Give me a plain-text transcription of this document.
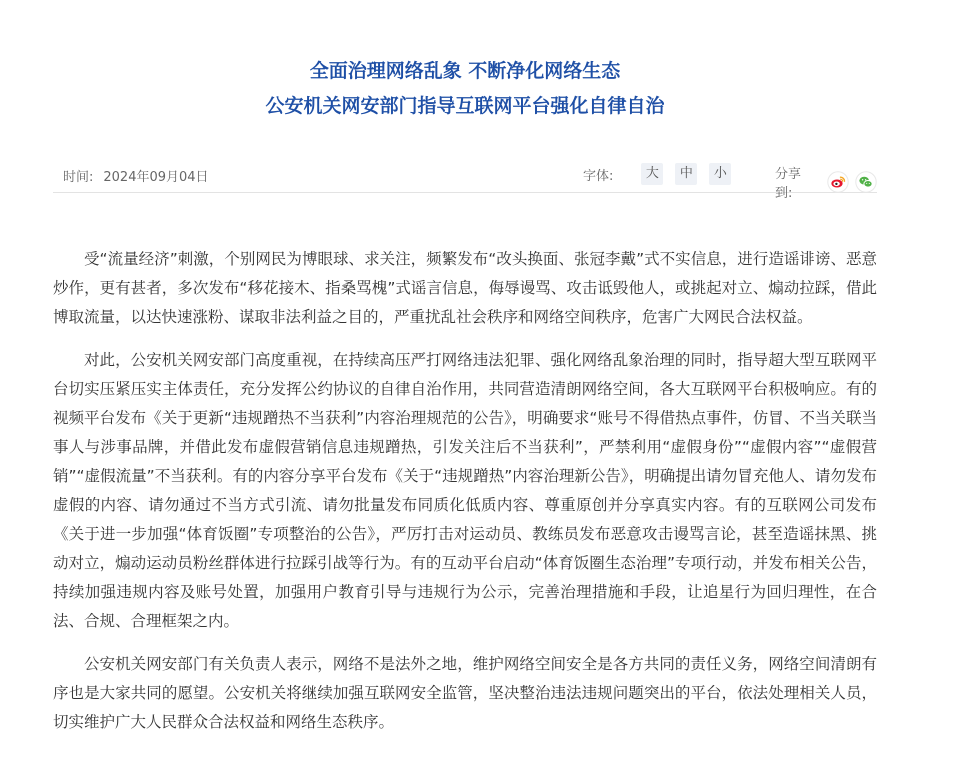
全面治理网络乱象 不断净化网络生态
公安机关网安部门指导互联网平台强化自律自治
时间: 2024年09月04日	字体:	大	中	小	分享到:

受“流量经济”刺激，个别网民为博眼球、求关注，频繁发布“改头换面、张冠李戴”式不实信息，进行造谣诽谤、恶意炒作，更有甚者，多次发布“移花接木、指桑骂槐”式谣言信息，侮辱谩骂、攻击诋毁他人，或挑起对立、煽动拉踩，借此博取流量，以达快速涨粉、谋取非法利益之目的，严重扰乱社会秩序和网络空间秩序，危害广大网民合法权益。

对此，公安机关网安部门高度重视，在持续高压严打网络违法犯罪、强化网络乱象治理的同时，指导超大型互联网平台切实压紧压实主体责任，充分发挥公约协议的自律自治作用，共同营造清朗网络空间，各大互联网平台积极响应。有的视频平台发布《关于更新“违规蹭热不当获利”内容治理规范的公告》，明确要求“账号不得借热点事件，仿冒、不当关联当事人与涉事品牌，并借此发布虚假营销信息违规蹭热，引发关注后不当获利”，严禁利用“虚假身份”“虚假内容”“虚假营销”“虚假流量”不当获利。有的内容分享平台发布《关于“违规蹭热”内容治理新公告》，明确提出请勿冒充他人、请勿发布虚假的内容、请勿通过不当方式引流、请勿批量发布同质化低质内容、尊重原创并分享真实内容。有的互联网公司发布《关于进一步加强“体育饭圈”专项整治的公告》，严厉打击对运动员、教练员发布恶意攻击谩骂言论，甚至造谣抹黑、挑动对立，煽动运动员粉丝群体进行拉踩引战等行为。有的互动平台启动“体育饭圈生态治理”专项行动，并发布相关公告，持续加强违规内容及账号处置，加强用户教育引导与违规行为公示，完善治理措施和手段，让追星行为回归理性，在合法、合规、合理框架之内。

公安机关网安部门有关负责人表示，网络不是法外之地，维护网络空间安全是各方共同的责任义务，网络空间清朗有序也是大家共同的愿望。公安机关将继续加强互联网安全监管，坚决整治违法违规问题突出的平台，依法处理相关人员，切实维护广大人民群众合法权益和网络生态秩序。
